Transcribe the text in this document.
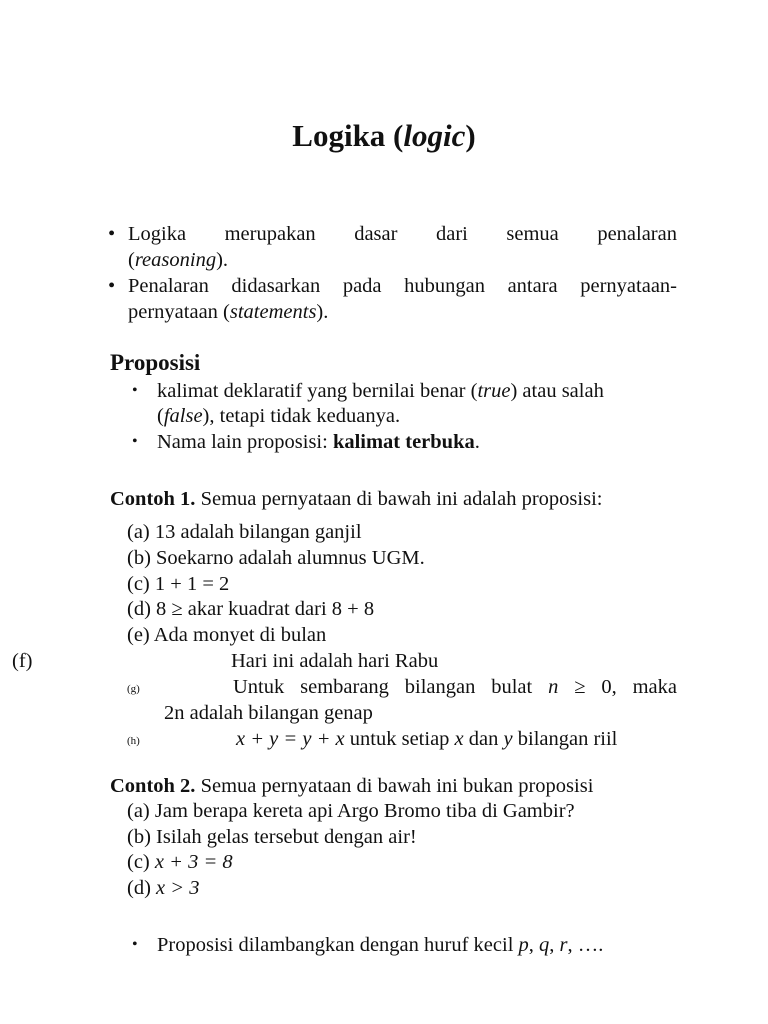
Logika (logic)
• Logika merupakan dasar dari semua penalaran
(reasoning).
• Penalaran didasarkan pada hubungan antara pernyataan-
pernyataan (statements).
Proposisi
• kalimat deklaratif yang bernilai benar (true) atau salah
(false), tetapi tidak keduanya.
• Nama lain proposisi: kalimat terbuka.
Contoh 1. Semua pernyataan di bawah ini adalah proposisi:
(a) 13 adalah bilangan ganjil
(b) Soekarno adalah alumnus UGM.
(c) 1 + 1 = 2
(d) 8 ≥ akar kuadrat dari 8 + 8
(e) Ada monyet di bulan
(f)	Hari ini adalah hari Rabu
(g)	Untuk sembarang bilangan bulat n ≥ 0, maka
2n adalah bilangan genap
(h)	x + y = y + x untuk setiap x dan y bilangan riil
Contoh 2. Semua pernyataan di bawah ini bukan proposisi
(a) Jam berapa kereta api Argo Bromo tiba di Gambir?
(b) Isilah gelas tersebut dengan air!
(c) x + 3 = 8
(d) x > 3
• Proposisi dilambangkan dengan huruf kecil p, q, r, ….
